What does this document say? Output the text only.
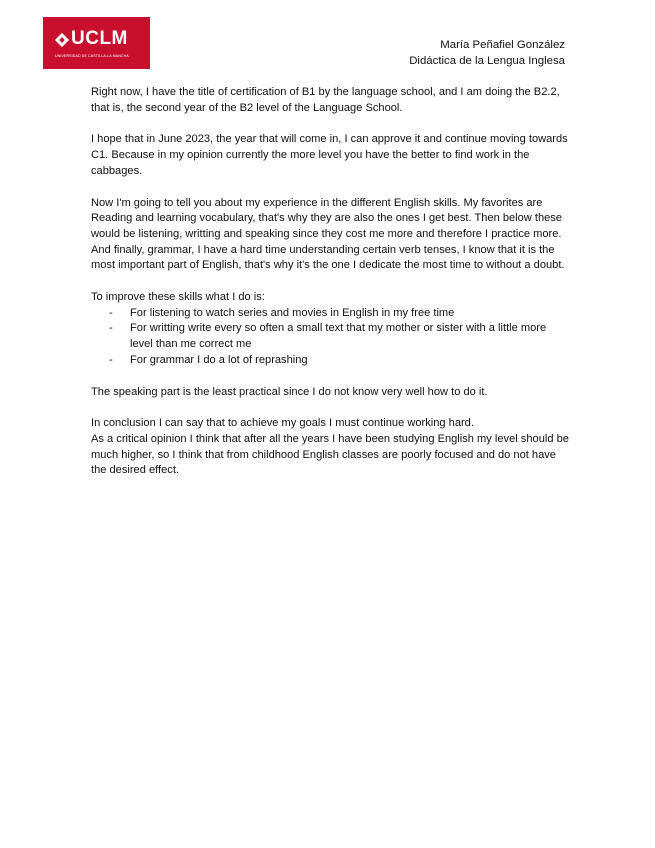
UCLM
UNIVERSIDAD DE CASTILLA-LA MANCHA
María Peñafiel González
Didáctica de la Lengua Inglesa

Right now, I have the title of certification of B1 by the language school, and I am doing the B2.2, that is, the second year of the B2 level of the Language School.

I hope that in June 2023, the year that will come in, I can approve it and continue moving towards C1. Because in my opinion currently the more level you have the better to find work in the cabbages.

Now I'm going to tell you about my experience in the different English skills. My favorites are Reading and learning vocabulary, that's why they are also the ones I get best. Then below these would be listening, writting and speaking since they cost me more and therefore I practice more. And finally, grammar, I have a hard time understanding certain verb tenses, I know that it is the most important part of English, that's why it's the one I dedicate the most time to without a doubt.

To improve these skills what I do is:

- For listening to watch series and movies in English in my free time
- For writting write every so often a small text that my mother or sister with a little more level than me correct me
- For grammar I do a lot of reprashing

The speaking part is the least practical since I do not know very well how to do it.

In conclusion I can say that to achieve my goals I must continue working hard.

As a critical opinion I think that after all the years I have been studying English my level should be much higher, so I think that from childhood English classes are poorly focused and do not have the desired effect.
